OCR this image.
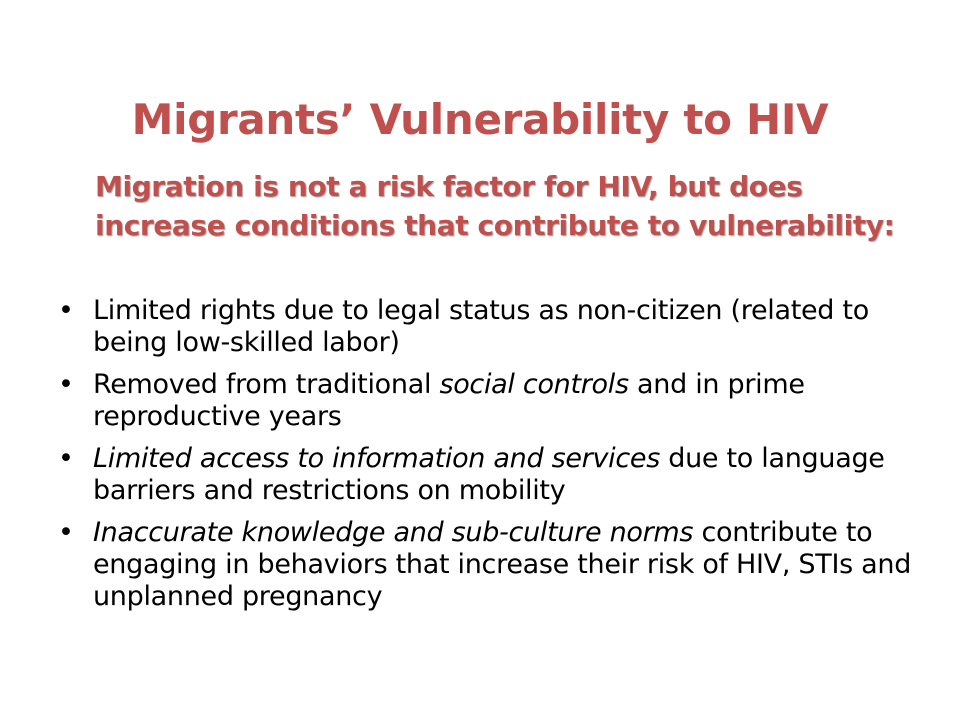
Migrants’ Vulnerability to HIV
Migration is not a risk factor for HIV, but does increase conditions that contribute to vulnerability:
• Limited rights due to legal status as non-citizen (related to being low-skilled labor)
• Removed from traditional social controls and in prime reproductive years
• Limited access to information and services due to language barriers and restrictions on mobility
• Inaccurate knowledge and sub-culture norms contribute to engaging in behaviors that increase their risk of HIV, STIs and unplanned pregnancy
